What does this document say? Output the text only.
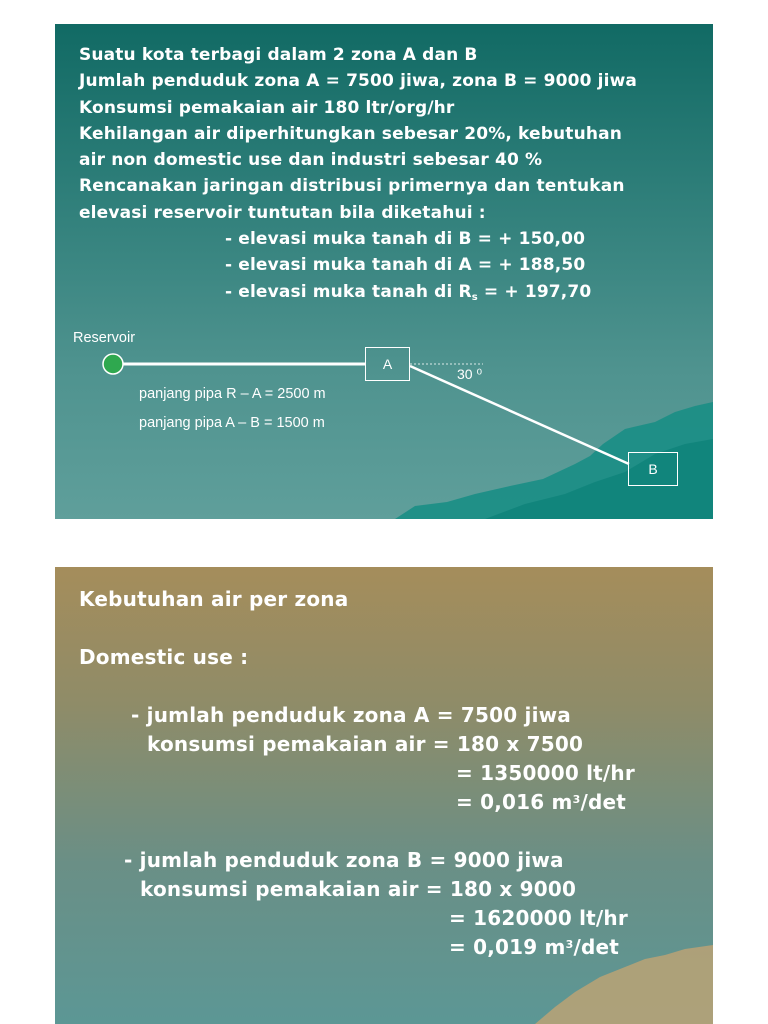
Suatu kota terbagi dalam 2 zona A dan B
Jumlah penduduk zona A = 7500 jiwa, zona B = 9000 jiwa
Konsumsi pemakaian air 180 ltr/org/hr
Kehilangan air diperhitungkan sebesar 20%, kebutuhan
air non domestic use dan industri sebesar 40 %
Rencanakan jaringan distribusi primernya dan tentukan
elevasi reservoir tuntutan bila diketahui :
- elevasi muka tanah di B = + 150,00
- elevasi muka tanah di A = + 188,50
- elevasi muka tanah di $R_s$ = + 197,70
Reservoir
A
B
30 ⁰
panjang pipa R – A = 2500 m
panjang pipa A – B = 1500 m
Kebutuhan air per zona
Domestic use :
- jumlah penduduk zona A = 7500 jiwa
konsumsi pemakaian air = 180 x 7500
= 1350000 lt/hr
= 0,016 $m^3/\det$
- jumlah penduduk zona B = 9000 jiwa
konsumsi pemakaian air = 180 x 9000
= 1620000 lt/hr
= 0,019 $m^3/\det$
